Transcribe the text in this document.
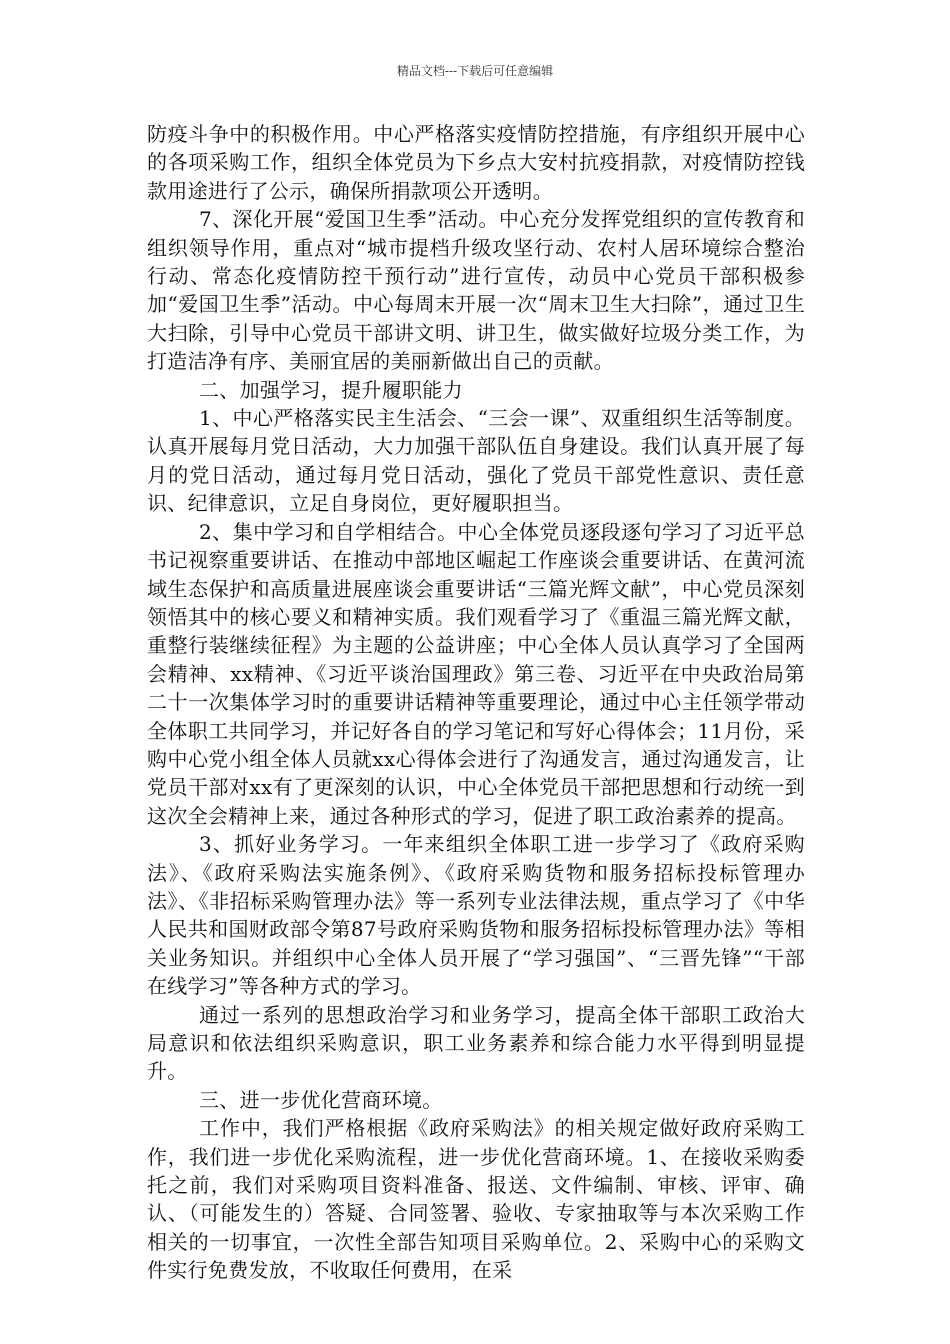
精品文档---下载后可任意编辑

防疫斗争中的积极作用。中心严格落实疫情防控措施，有序组织开展中心的各项采购工作，组织全体党员为下乡点大安村抗疫捐款，对疫情防控钱款用途进行了公示，确保所捐款项公开透明。

7、深化开展“爱国卫生季”活动。中心充分发挥党组织的宣传教育和组织领导作用，重点对“城市提档升级攻坚行动、农村人居环境综合整治行动、常态化疫情防控干预行动”进行宣传，动员中心党员干部积极参加“爱国卫生季”活动。中心每周末开展一次“周末卫生大扫除”，通过卫生大扫除，引导中心党员干部讲文明、讲卫生，做实做好垃圾分类工作，为打造洁净有序、美丽宜居的美丽新做出自己的贡献。

二、加强学习，提升履职能力

1、中心严格落实民主生活会、“三会一课”、双重组织生活等制度。认真开展每月党日活动，大力加强干部队伍自身建设。我们认真开展了每月的党日活动，通过每月党日活动，强化了党员干部党性意识、责任意识、纪律意识，立足自身岗位，更好履职担当。

2、集中学习和自学相结合。中心全体党员逐段逐句学习了习近平总书记视察重要讲话、在推动中部地区崛起工作座谈会重要讲话、在黄河流域生态保护和高质量进展座谈会重要讲话“三篇光辉文献”，中心党员深刻领悟其中的核心要义和精神实质。我们观看学习了《重温三篇光辉文献，重整行装继续征程》为主题的公益讲座；中心全体人员认真学习了全国两会精神、xx精神、《习近平谈治国理政》第三卷、习近平在中央政治局第二十一次集体学习时的重要讲话精神等重要理论，通过中心主任领学带动全体职工共同学习，并记好各自的学习笔记和写好心得体会；11月份，采购中心党小组全体人员就xx心得体会进行了沟通发言，通过沟通发言，让党员干部对xx有了更深刻的认识，中心全体党员干部把思想和行动统一到这次全会精神上来，通过各种形式的学习，促进了职工政治素养的提高。

3、抓好业务学习。一年来组织全体职工进一步学习了《政府采购法》、《政府采购法实施条例》、《政府采购货物和服务招标投标管理办法》、《非招标采购管理办法》等一系列专业法律法规，重点学习了《中华人民共和国财政部令第87号政府采购货物和服务招标投标管理办法》等相关业务知识。并组织中心全体人员开展了“学习强国”、“三晋先锋”“干部在线学习”等各种方式的学习。

通过一系列的思想政治学习和业务学习，提高全体干部职工政治大局意识和依法组织采购意识，职工业务素养和综合能力水平得到明显提升。

三、进一步优化营商环境。

工作中，我们严格根据《政府采购法》的相关规定做好政府采购工作，我们进一步优化采购流程，进一步优化营商环境。1、在接收采购委托之前，我们对采购项目资料准备、报送、文件编制、审核、评审、确认、（可能发生的）答疑、合同签署、验收、专家抽取等与本次采购工作相关的一切事宜，一次性全部告知项目采购单位。2、采购中心的采购文件实行免费发放，不收取任何费用，在采
